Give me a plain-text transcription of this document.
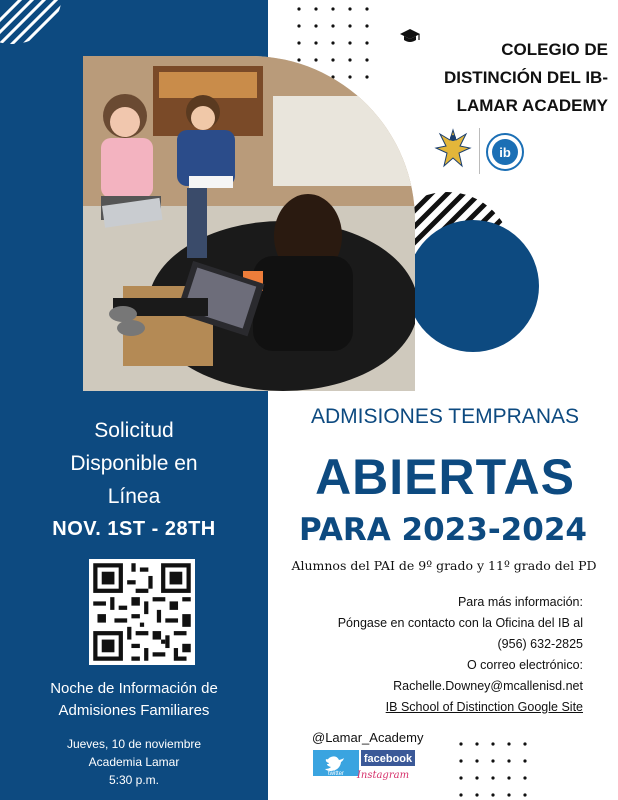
COLEGIO DE
DISTINCIÓN DEL IB-
LAMAR ACADEMY
ib
Solicitud
Disponible en
Línea
NOV. 1ST - 28TH
Noche de Información de
Admisiones Familiares
Jueves, 10 de noviembre
Academia Lamar
5:30 p.m.
ADMISIONES TEMPRANAS
ABIERTAS
PARA 2023-2024
Alumnos del PAI de 9º grado y 11º grado del PD
Para más información:
Póngase en contacto con la Oficina del IB al
(956) 632-2825
O correo electrónico:
Rachelle.Downey@mcallenisd.net
IB School of Distinction Google Site
@Lamar_Academy
twitter
facebook
Instagram
